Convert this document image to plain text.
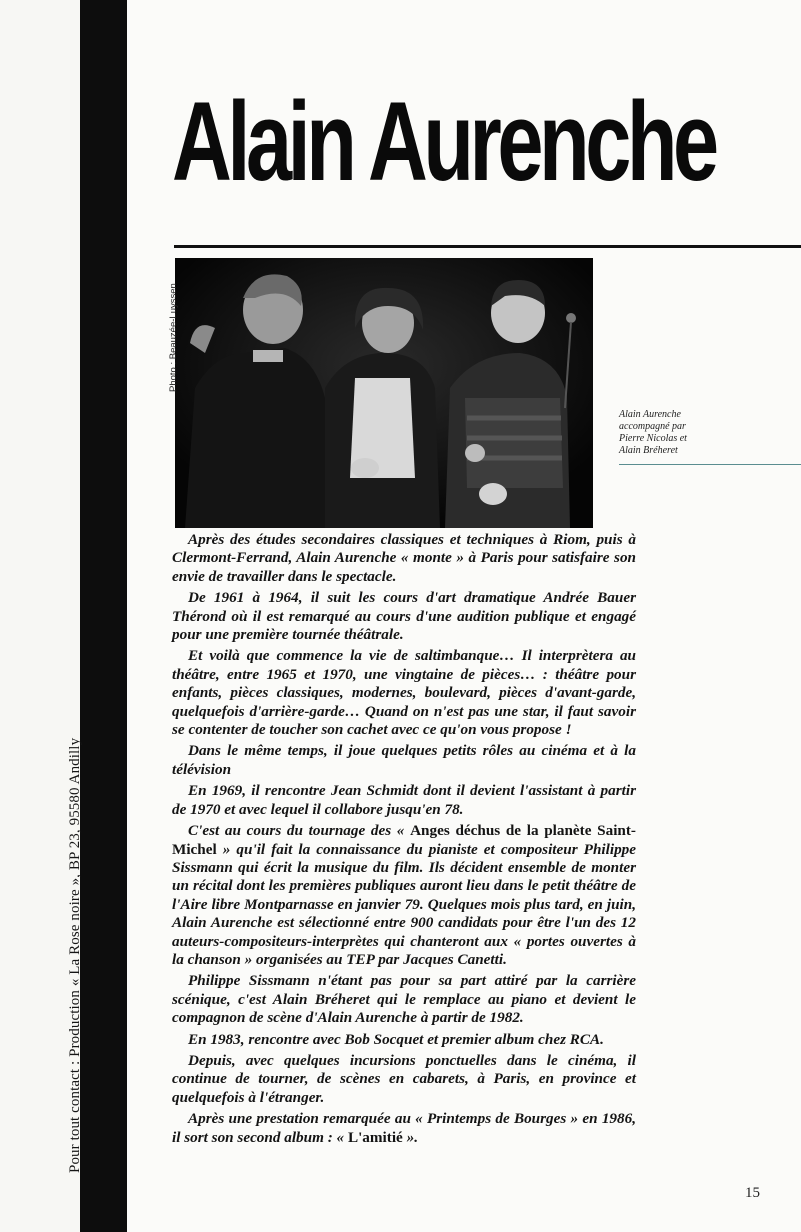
Pour tout contact : Production « La Rose noire », BP 23, 95580 Andilly
Alain Aurenche
Photo : Beauzée-Luyssen
Alain Aurenche
accompagné par
Pierre Nicolas et
Alain Bréheret

Après des études secondaires classiques et techniques à Riom, puis à Clermont-Ferrand, Alain Aurenche « monte » à Paris pour satisfaire son envie de travailler dans le spectacle.

De 1961 à 1964, il suit les cours d'art dramatique Andrée Bauer Thérond où il est remarqué au cours d'une audition publique et engagé pour une première tournée théâtrale.

Et voilà que commence la vie de saltimbanque… Il interprètera au théâtre, entre 1965 et 1970, une vingtaine de pièces… : théâtre pour enfants, pièces classiques, modernes, boulevard, pièces d'avant-garde, quelquefois d'arrière-garde… Quand on n'est pas une star, il faut savoir se contenter de toucher son cachet avec ce qu'on vous propose !

Dans le même temps, il joue quelques petits rôles au cinéma et à la télévision

En 1969, il rencontre Jean Schmidt dont il devient l'assistant à partir de 1970 et avec lequel il collabore jusqu'en 78.

C'est au cours du tournage des « Anges déchus de la planète Saint-Michel » qu'il fait la connaissance du pianiste et compositeur Philippe Sissmann qui écrit la musique du film. Ils décident ensemble de monter un récital dont les premières publiques auront lieu dans le petit théâtre de l'Aire libre Montparnasse en janvier 79. Quelques mois plus tard, en juin, Alain Aurenche est sélectionné entre 900 candidats pour être l'un des 12 auteurs-compositeurs-interprètes qui chanteront aux « portes ouvertes à la chanson » organisées au TEP par Jacques Canetti.

Philippe Sissmann n'étant pas pour sa part attiré par la carrière scénique, c'est Alain Bréheret qui le remplace au piano et devient le compagnon de scène d'Alain Aurenche à partir de 1982.

En 1983, rencontre avec Bob Socquet et premier album chez RCA.

Depuis, avec quelques incursions ponctuelles dans le cinéma, il continue de tourner, de scènes en cabarets, à Paris, en province et quelquefois à l'étranger.

Après une prestation remarquée au « Printemps de Bourges » en 1986, il sort son second album : « L'amitié ».

15
